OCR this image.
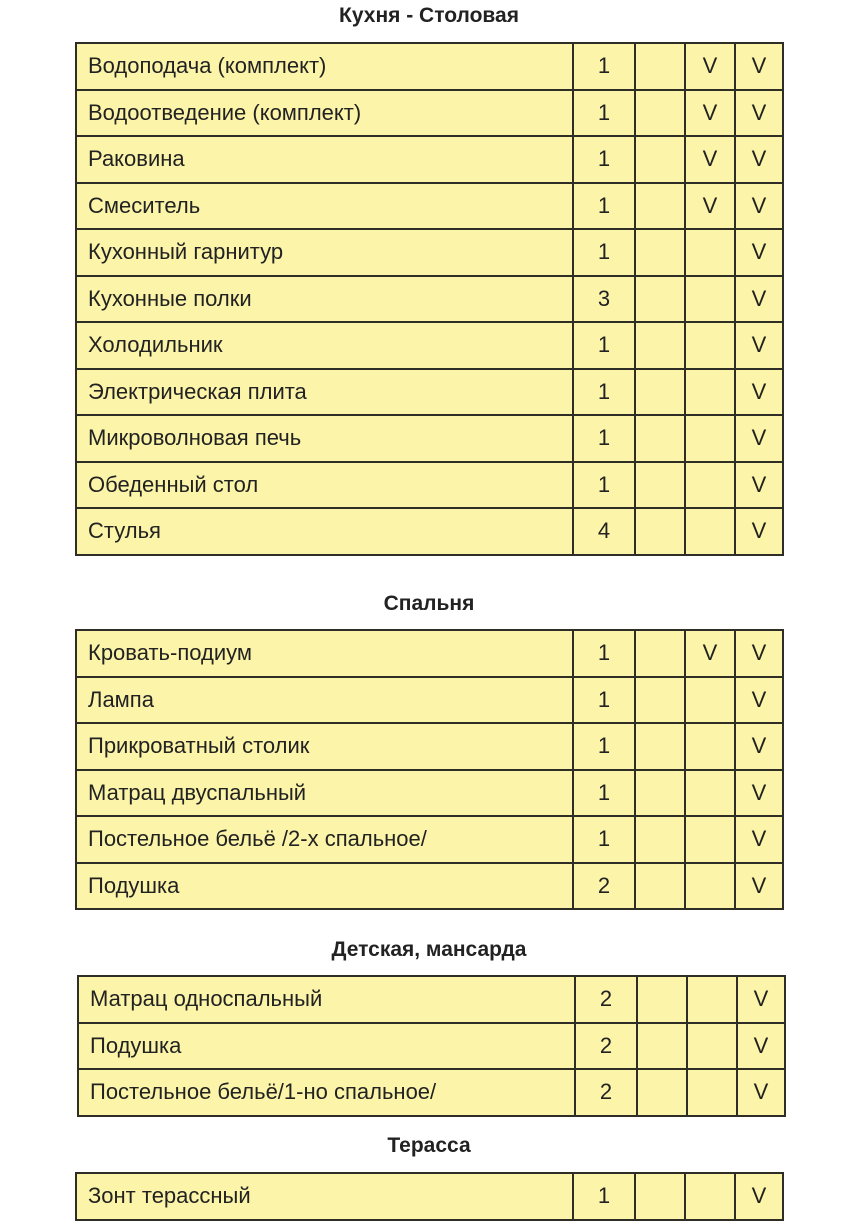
Кухня - Столовая
Водоподача (комплект)	1		V	V
Водоотведение (комплект)	1		V	V
Раковина	1		V	V
Смеситель	1		V	V
Кухонный гарнитур	1			V
Кухонные полки	3			V
Холодильник	1			V
Электрическая плита	1			V
Микроволновая печь	1			V
Обеденный стол	1			V
Стулья	4			V
Спальня
Кровать-подиум	1		V	V
Лампа	1			V
Прикроватный столик	1			V
Матрац двуспальный	1			V
Постельное бельё /2-х спальное/	1			V
Подушка	2			V
Детская, мансарда
Матрац односпальный	2			V
Подушка	2			V
Постельное бельё/1-но спальное/	2			V
Терасса
Зонт терассный	1			V
